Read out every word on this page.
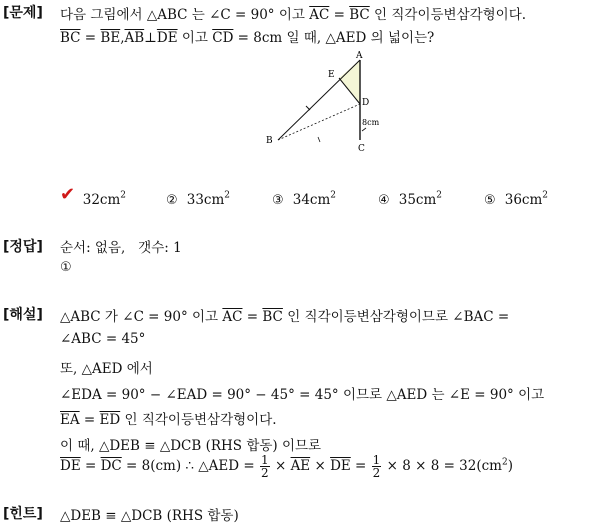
[문제] 다음 그림에서 △ABC 는 ∠C = 90° 이고 $\overline{AC} = \overline{BC}$ 인 직각이등변삼각형이다.
$\overline{BC}$ = $\overline{BE},\overline{AB}\perp\overline{DE}$ 이고 $\overline{CD} = 8cm$ 일 때, △AED 의 넓이는?
A
E
D
8cm
B
C
✔ $32cm^2$	② $33cm^2$	③ $34cm^2$	④ $35cm^2$	⑤ $36cm^2$
[정답] 순서: 없음,   갯수: 1
①
[해설] △ABC 가 ∠C = 90° 이고 $\overline{AC} = \overline{BC}$ 인 직각이등변삼각형이므로 ∠BAC =
∠ABC = 45°
또, △AED 에서
∠EDA = 90° − ∠EAD = 90° − 45° = 45° 이므로 △AED 는 ∠E = 90° 이고
$\overline{EA} = \overline{ED}$ 인 직각이등변삼각형이다.
이 때, △DEB ≡ △DCB (RHS 합동) 이므로
$\overline{DE} = \overline{DC} = 8(cm)$ ∴ △AED = $\frac{1}{2} \times \overline{AE} \times \overline{DE} = \frac{1}{2} \times 8 \times 8 = 32(cm^2)$
[힌트] △DEB ≡ △DCB (RHS 합동)
